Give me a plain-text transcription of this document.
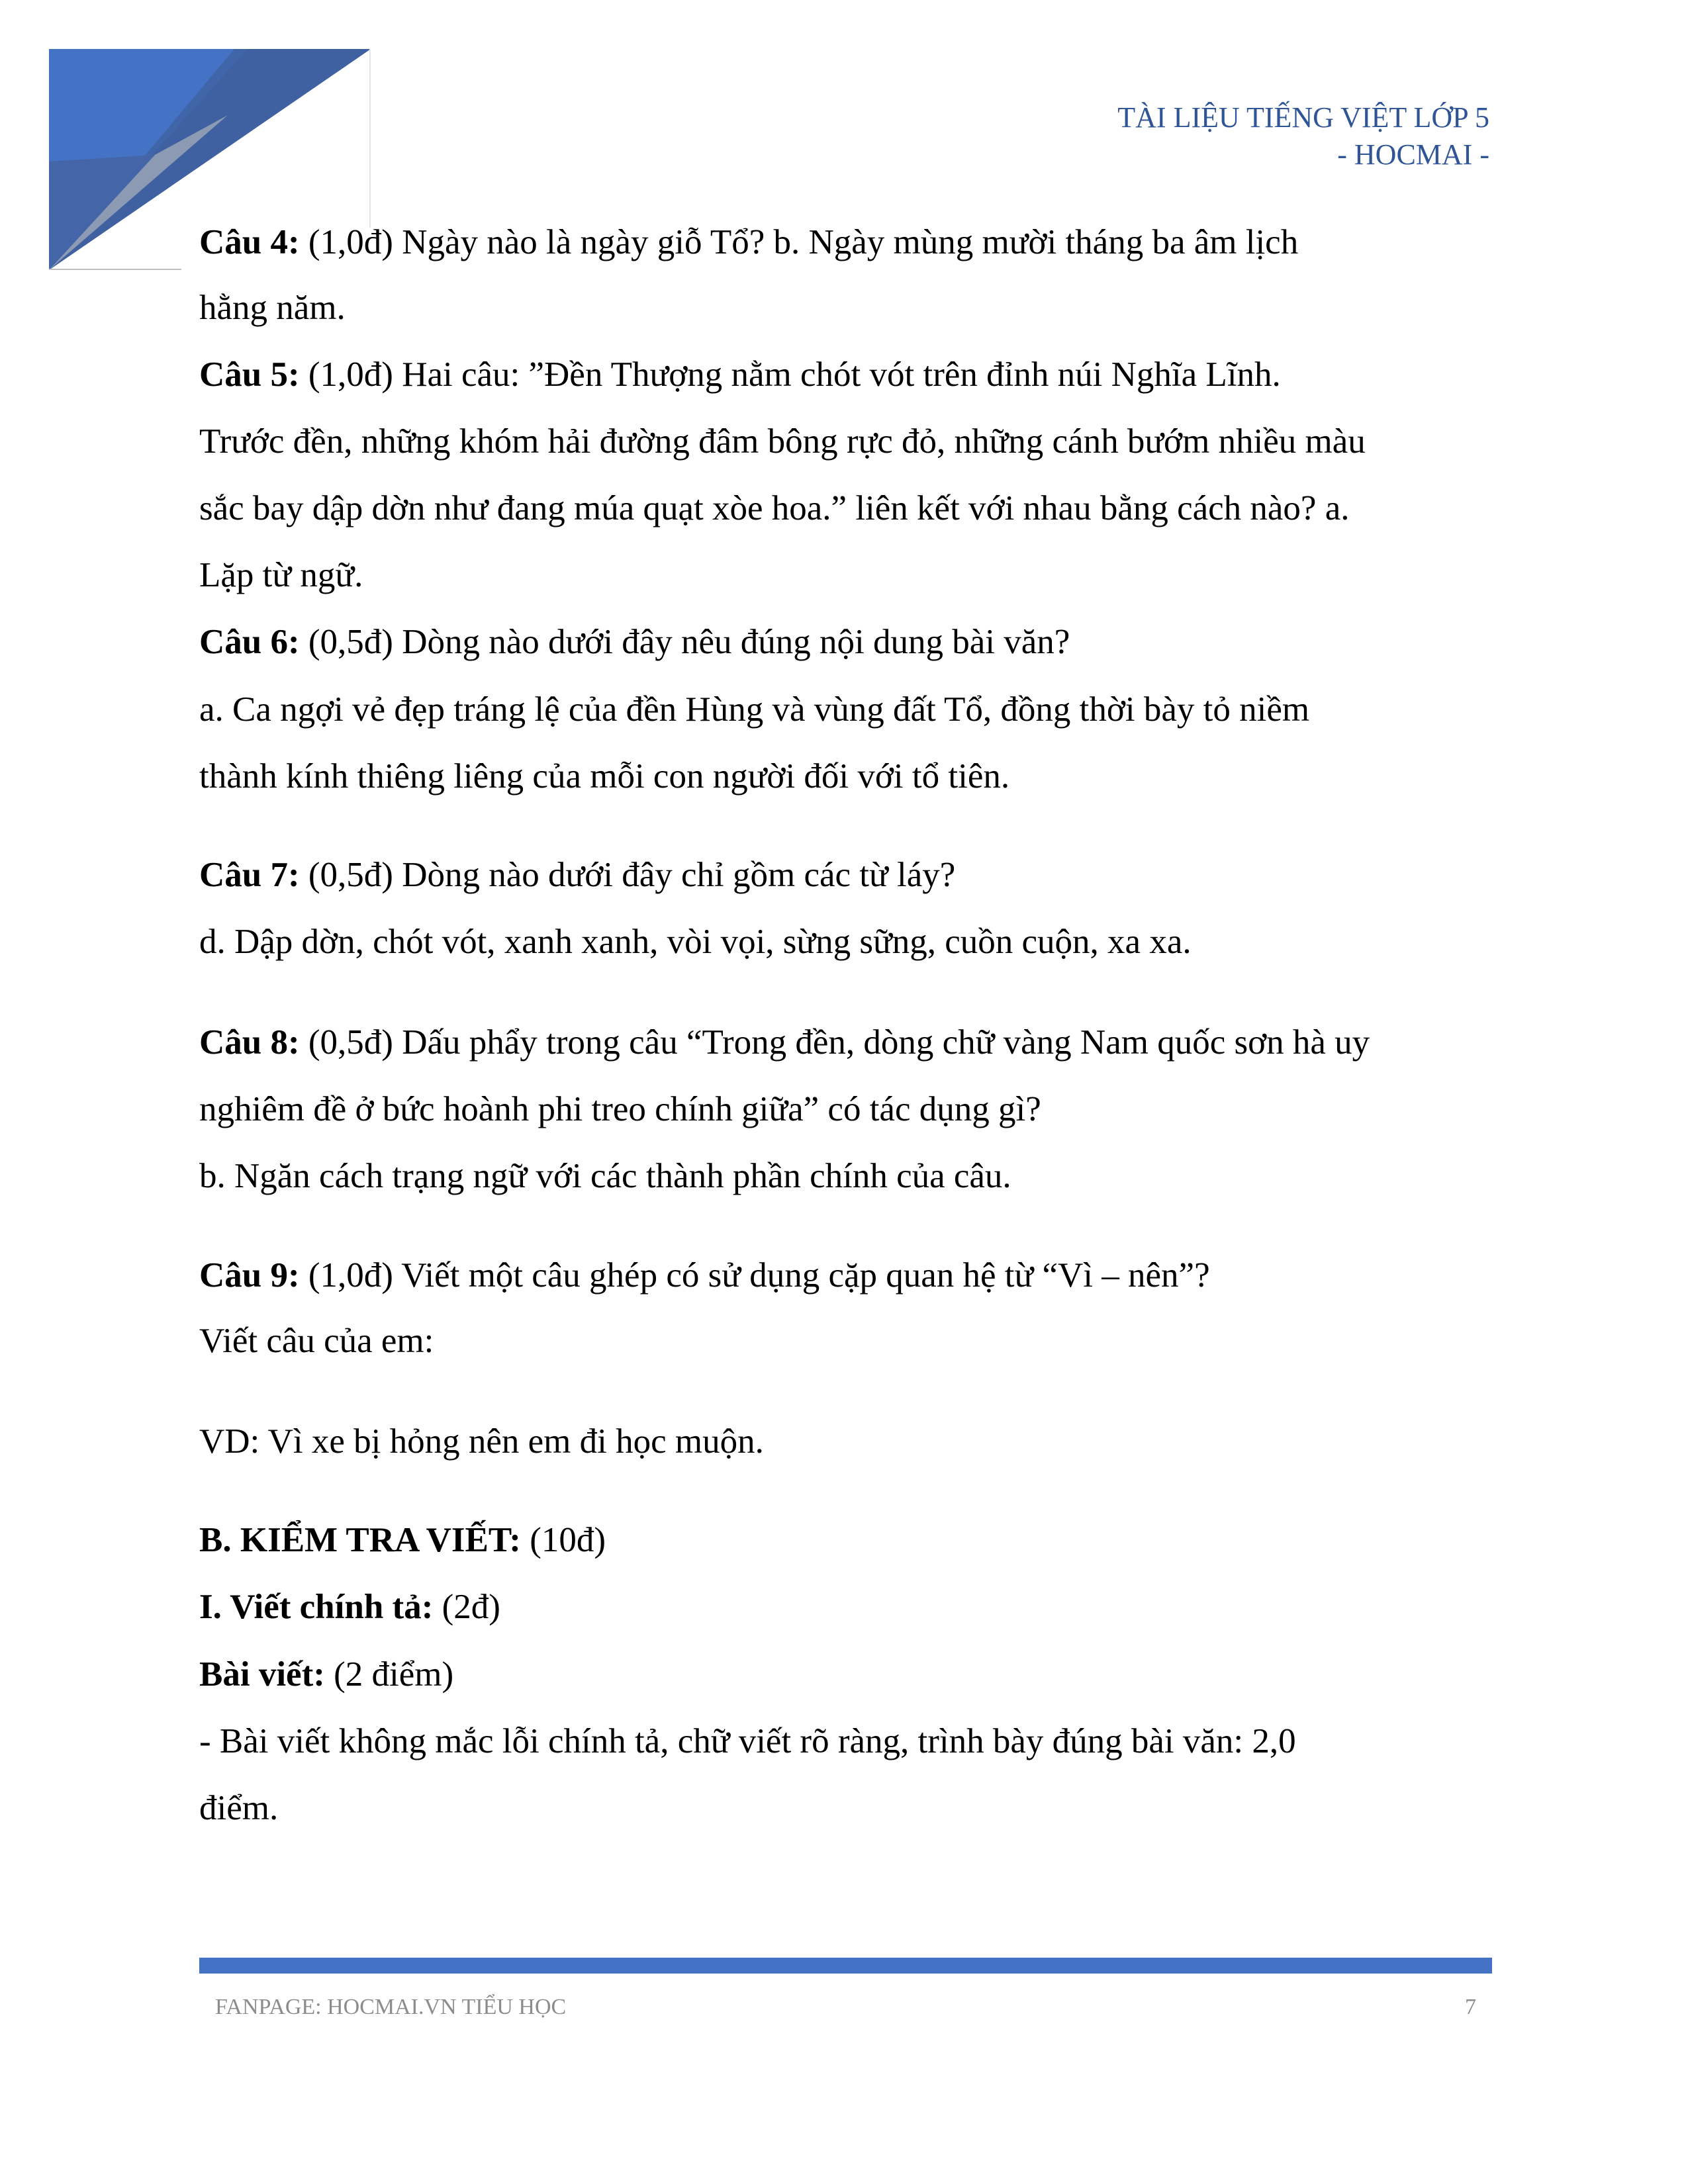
TÀI LIỆU TIẾNG VIỆT LỚP 5
- HOCMAI -
Câu 4: (1,0đ) Ngày nào là ngày giỗ Tổ? b. Ngày mùng mười tháng ba âm lịch
hằng năm.
Câu 5: (1,0đ) Hai câu: ”Đền Thượng nằm chót vót trên đỉnh núi Nghĩa Lĩnh.
Trước đền, những khóm hải đường đâm bông rực đỏ, những cánh bướm nhiều màu
sắc bay dập dờn như đang múa quạt xòe hoa.” liên kết với nhau bằng cách nào? a.
Lặp từ ngữ.
Câu 6: (0,5đ) Dòng nào dưới đây nêu đúng nội dung bài văn?
a. Ca ngợi vẻ đẹp tráng lệ của đền Hùng và vùng đất Tổ, đồng thời bày tỏ niềm
thành kính thiêng liêng của mỗi con người đối với tổ tiên.
Câu 7: (0,5đ) Dòng nào dưới đây chỉ gồm các từ láy?
d. Dập dờn, chót vót, xanh xanh, vòi vọi, sừng sững, cuồn cuộn, xa xa.
Câu 8: (0,5đ) Dấu phẩy trong câu “Trong đền, dòng chữ vàng Nam quốc sơn hà uy
nghiêm đề ở bức hoành phi treo chính giữa” có tác dụng gì?
b. Ngăn cách trạng ngữ với các thành phần chính của câu.
Câu 9: (1,0đ) Viết một câu ghép có sử dụng cặp quan hệ từ “Vì – nên”?
Viết câu của em:
VD: Vì xe bị hỏng nên em đi học muộn.
B. KIỂM TRA VIẾT: (10đ)
I. Viết chính tả: (2đ)
Bài viết: (2 điểm)
- Bài viết không mắc lỗi chính tả, chữ viết rõ ràng, trình bày đúng bài văn: 2,0
điểm.
FANPAGE: HOCMAI.VN TIỂU HỌC	7
